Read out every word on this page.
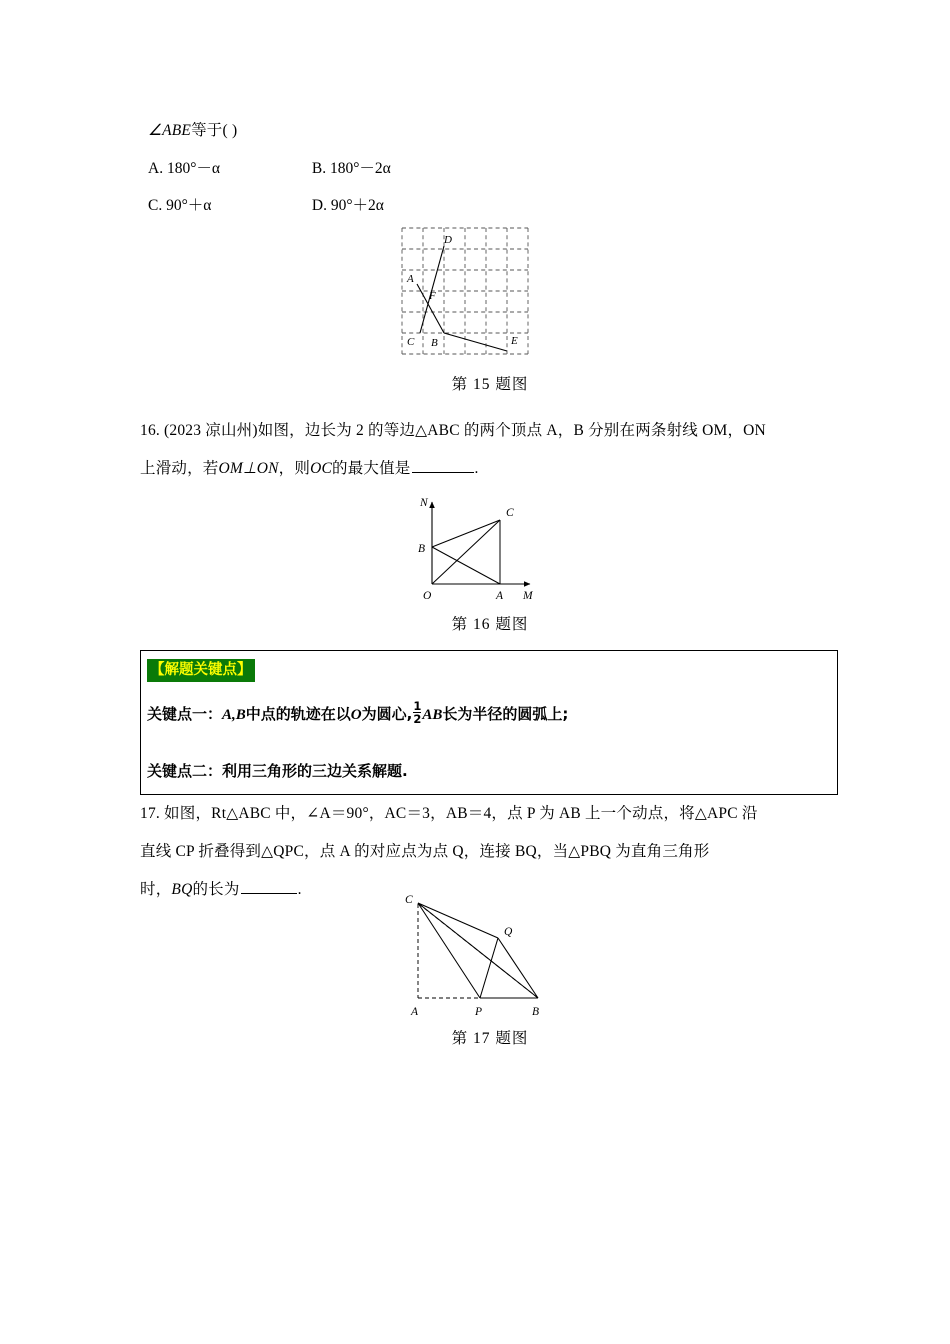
∠ABE等于( )
A. 180°－α	B. 180°－2α
C. 90°＋α	D. 90°＋2α
D
A
F
C B	E
第 15 题图
16. (2023 凉山州)如图，边长为 2 的等边△ABC 的两个顶点 A，B 分别在两条射线 OM，ON
上滑动，若OM⊥ON，则OC的最大值是	.
N
C
B
O	A M
第 16 题图
【解题关键点】
关键点一：A,B中点的轨迹在以O为圆心, $\frac{1}{2}$ AB长为半径的圆弧上;
关键点二：利用三角形的三边关系解题.
17. 如图，Rt△ABC 中，∠A＝90°，AC＝3，AB＝4，点 P 为 AB 上一个动点，将△APC 沿
直线 CP 折叠得到△QPC，点 A 的对应点为点 Q，连接 BQ，当△PBQ 为直角三角形
时，BQ的长为	.
C
Q
A	P	B
第 17 题图
